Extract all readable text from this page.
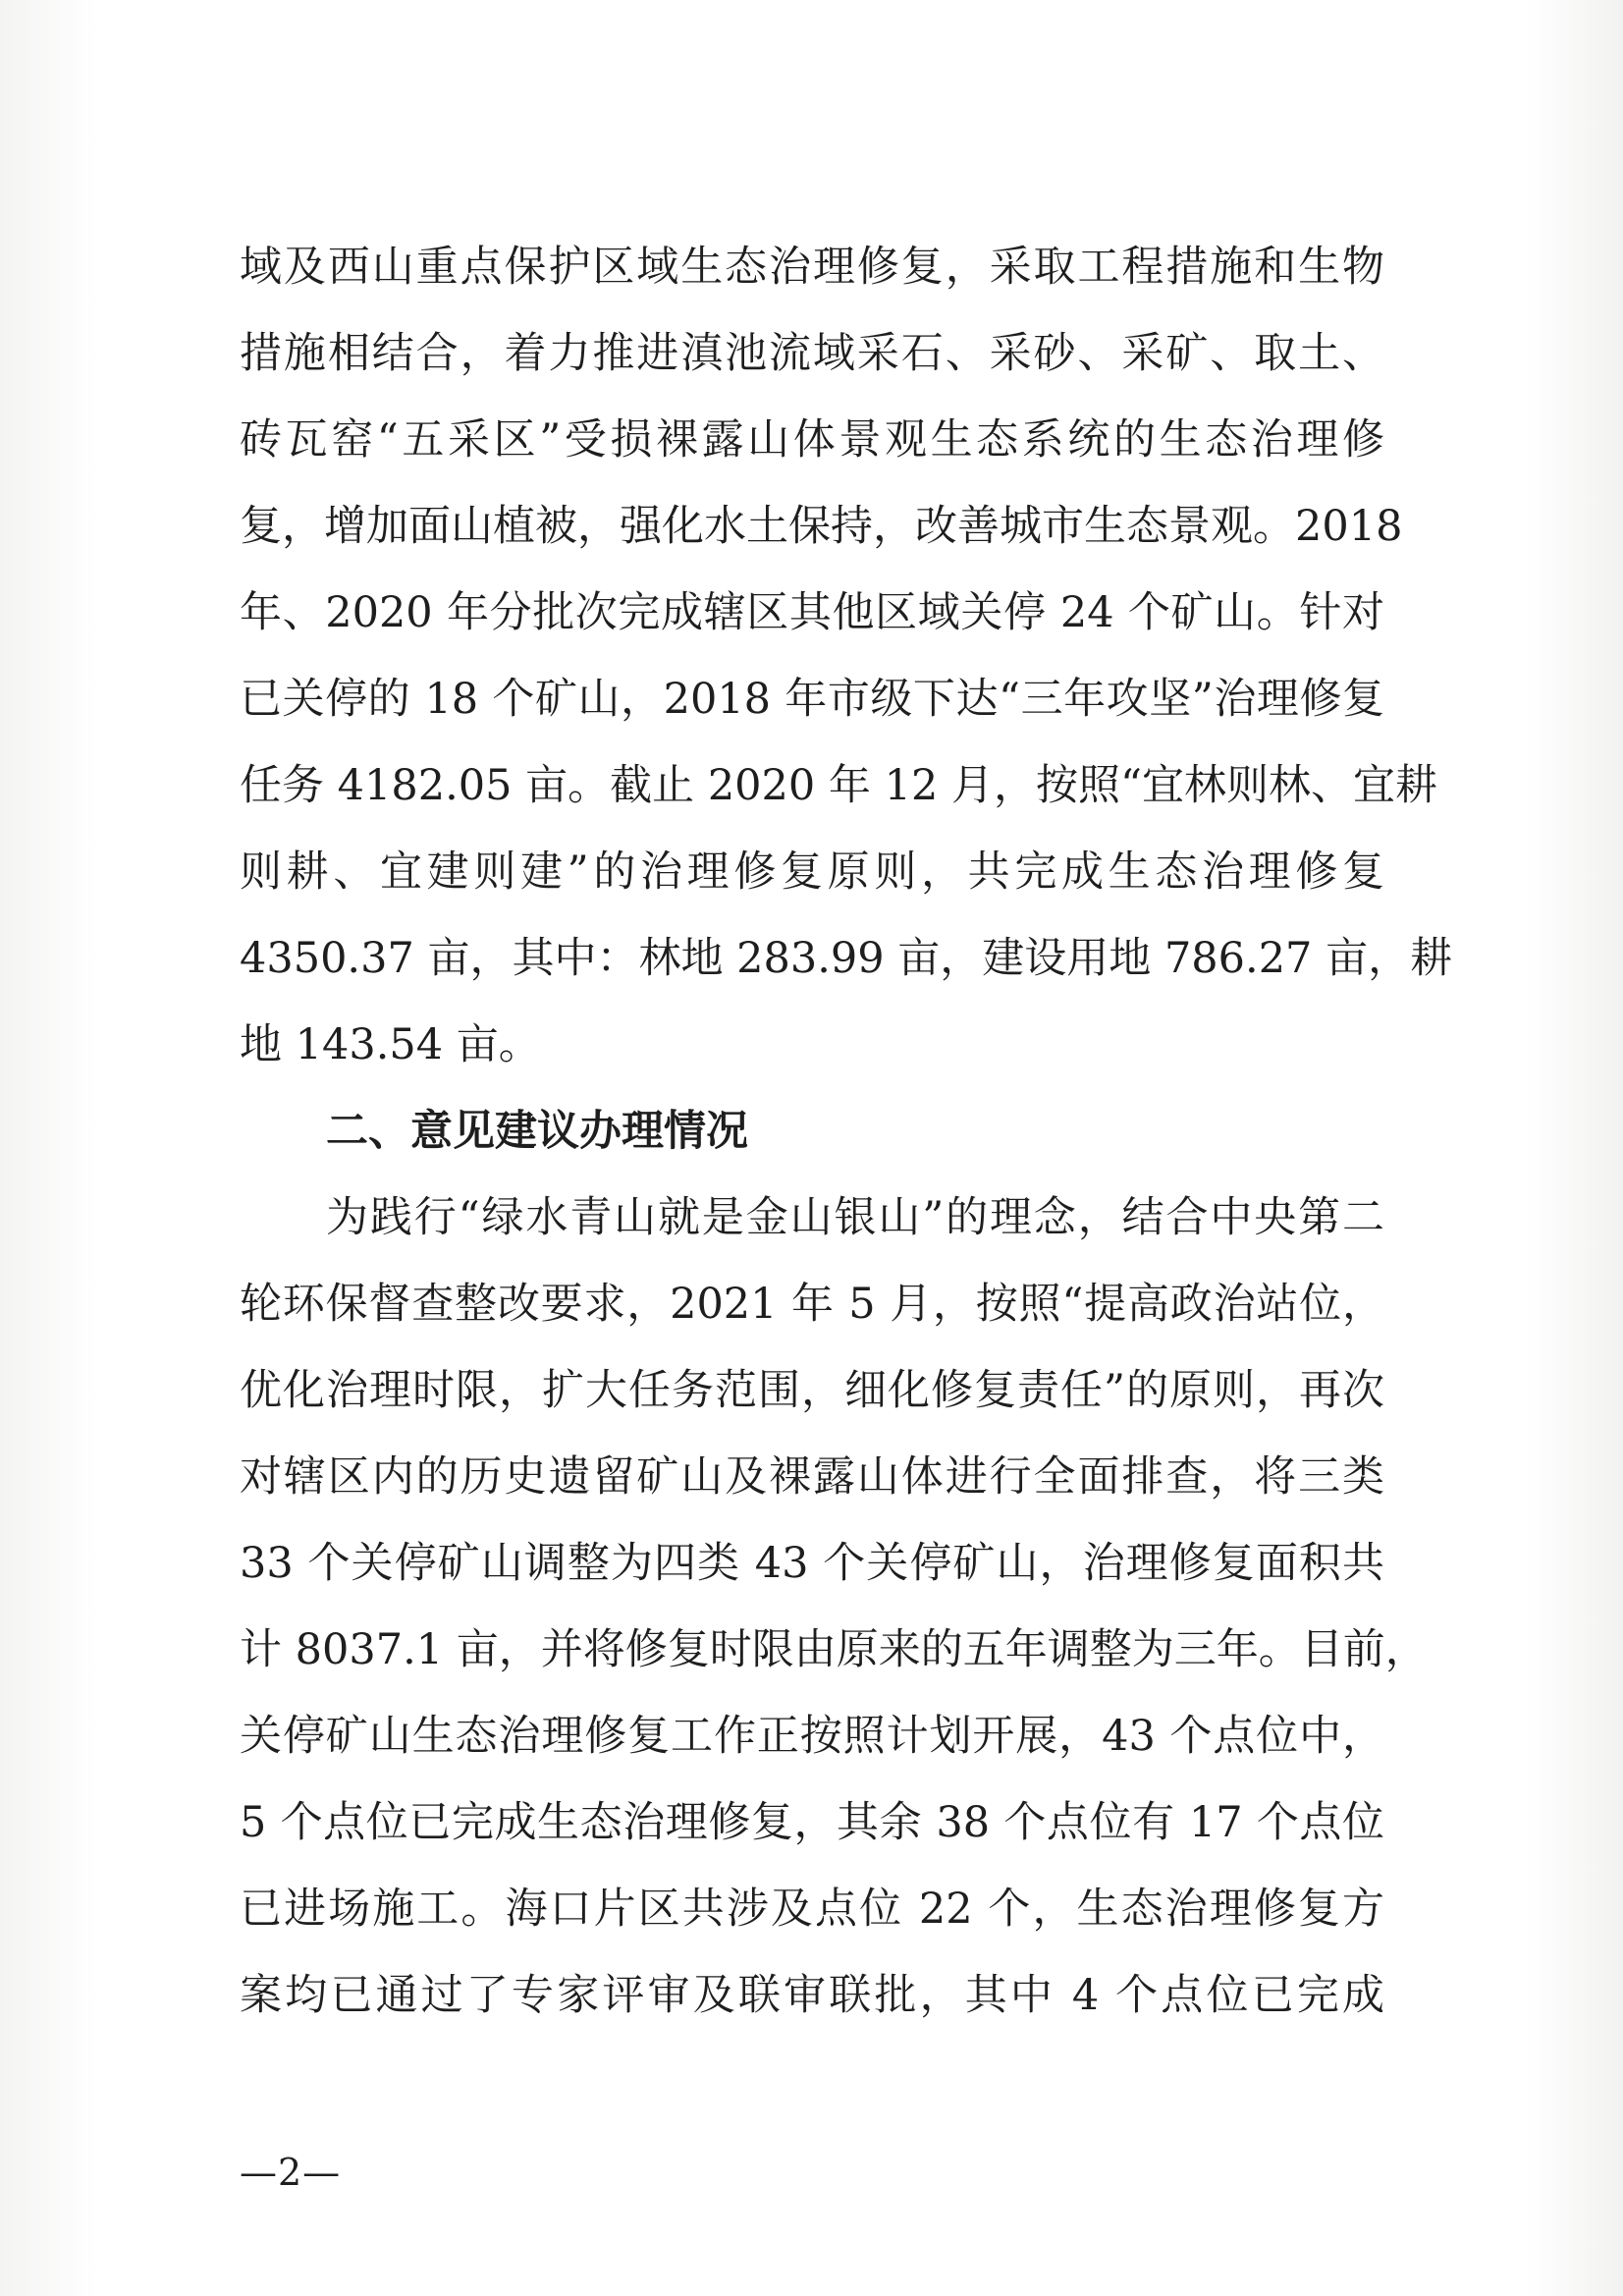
域及西山重点保护区域生态治理修复，采取工程措施和生物
措施相结合，着力推进滇池流域采石、采砂、采矿、取土、
砖瓦窑“五采区”受损裸露山体景观生态系统的生态治理修
复，增加面山植被，强化水土保持，改善城市生态景观。2018
年、2020 年分批次完成辖区其他区域关停 24 个矿山。针对
已关停的 18 个矿山，2018 年市级下达“三年攻坚”治理修复
任务 4182.05 亩。截止 2020 年 12 月，按照“宜林则林、宜耕
则耕、宜建则建”的治理修复原则，共完成生态治理修复
4350.37 亩，其中：林地 283.99 亩，建设用地 786.27 亩，耕
地 143.54 亩。
二、意见建议办理情况
为践行“绿水青山就是金山银山”的理念，结合中央第二
轮环保督查整改要求，2021 年 5 月，按照“提高政治站位，
优化治理时限，扩大任务范围，细化修复责任”的原则，再次
对辖区内的历史遗留矿山及裸露山体进行全面排查，将三类
33 个关停矿山调整为四类 43 个关停矿山，治理修复面积共
计 8037.1 亩，并将修复时限由原来的五年调整为三年。目前，
关停矿山生态治理修复工作正按照计划开展，43 个点位中，
5 个点位已完成生态治理修复，其余 38 个点位有 17 个点位
已进场施工。海口片区共涉及点位 22 个，生态治理修复方
案均已通过了专家评审及联审联批，其中 4 个点位已完成
—2—
